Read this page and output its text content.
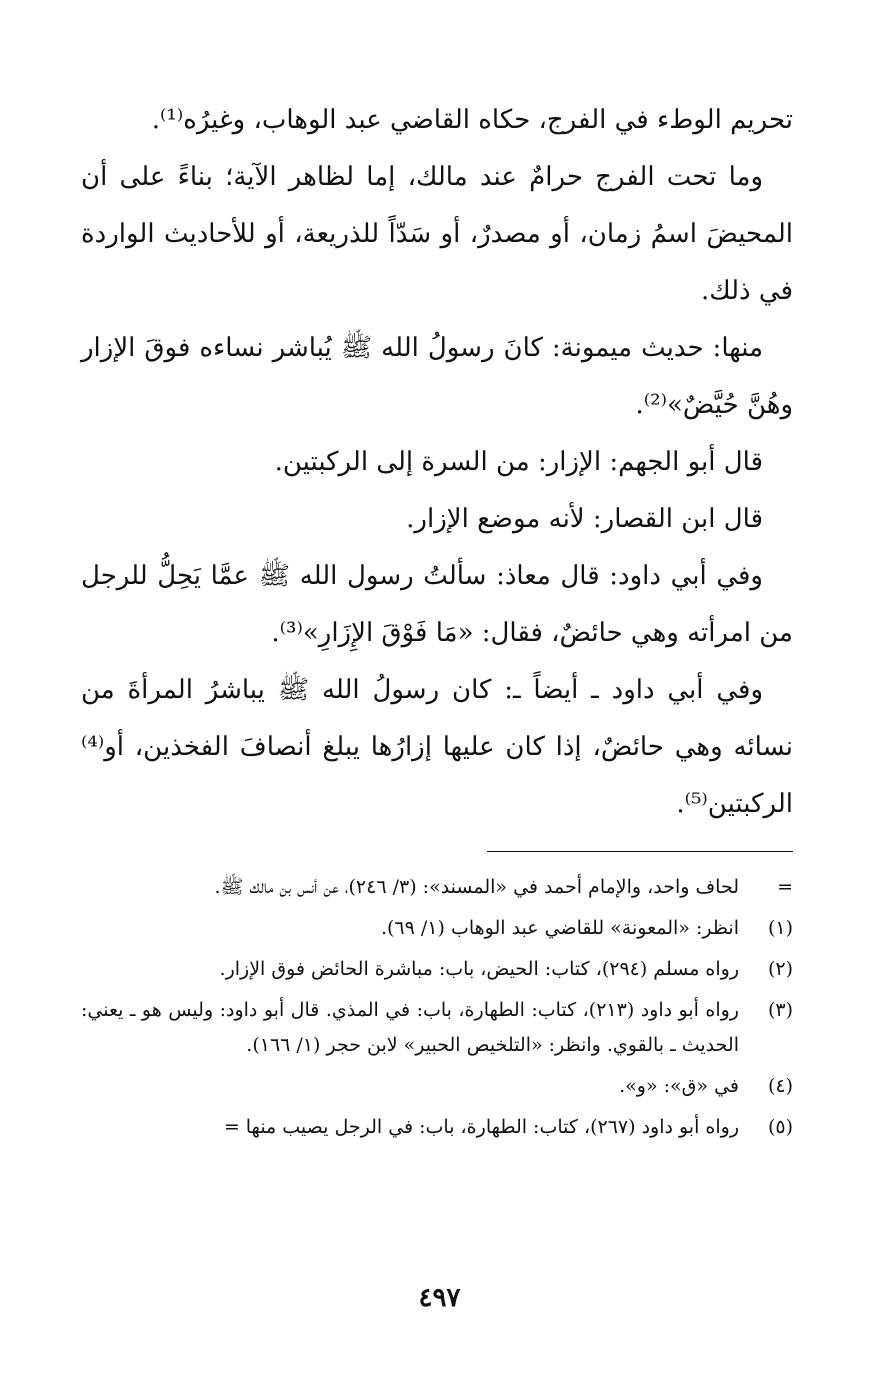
تحريم الوطء في الفرج، حكاه القاضي عبد الوهاب، وغيرُه⁽¹⁾.

وما تحت الفرج حرامٌ عند مالك، إما لظاهر الآية؛ بناءً على أن المحيضَ اسمُ زمان، أو مصدرٌ، أو سَدّاً للذريعة، أو للأحاديث الواردة في ذلك.

منها: حديث ميمونة: كانَ رسولُ الله ﷺ يُباشر نساءه فوقَ الإزار وهُنَّ حُيَّضٌ»⁽²⁾.

قال أبو الجهم: الإزار: من السرة إلى الركبتين.

قال ابن القصار: لأنه موضع الإزار.

وفي أبي داود: قال معاذ: سألتُ رسول الله ﷺ عمَّا يَحِلُّ للرجل من امرأته وهي حائضٌ، فقال: «مَا فَوْقَ الإِزَارِ»⁽³⁾.

وفي أبي داود ـ أيضاً ـ: كان رسولُ الله ﷺ يباشرُ المرأةَ من نسائه وهي حائضٌ، إذا كان عليها إزارُها يبلغ أنصافَ الفخذين، أو⁽⁴⁾ الركبتين⁽⁵⁾.

=
لحاف واحد، والإمام أحمد في «المسند»: (٣/ ٢٤٦)، عن أنس بن مالك ﷺ.
(١)
انظر: «المعونة» للقاضي عبد الوهاب (١/ ٦٩).
(٢)
رواه مسلم (٢٩٤)، كتاب: الحيض، باب: مباشرة الحائض فوق الإزار.
(٣)
رواه أبو داود (٢١٣)، كتاب: الطهارة، باب: في المذي. قال أبو داود: وليس هو ـ يعني: الحديث ـ بالقوي. وانظر: «التلخيص الحبير» لابن حجر (١/ ١٦٦).
(٤)
في «ق»: «و».
(٥)
رواه أبو داود (٢٦٧)، كتاب: الطهارة، باب: في الرجل يصيب منها =
٤٩٧
